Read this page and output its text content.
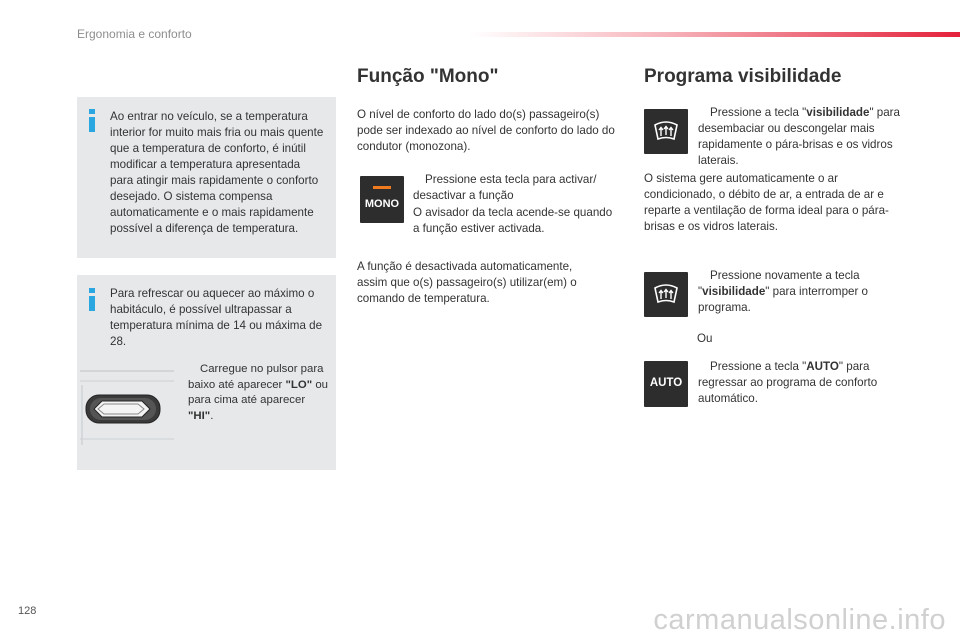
Ergonomia e conforto
Ao entrar no veículo, se a temperatura interior for muito mais fria ou mais quente que a temperatura de conforto, é inútil modificar a temperatura apresentada para atingir mais rapidamente o conforto desejado. O sistema compensa automaticamente e o mais rapidamente possível a diferença de temperatura.
Para refrescar ou aquecer ao máximo o habitáculo, é possível ultrapassar a temperatura mínima de 14 ou máxima de 28.
Carregue no pulsor para baixo até aparecer "LO" ou para cima até aparecer "HI".
Função "Mono"
O nível de conforto do lado do(s) passageiro(s) pode ser indexado ao nível de conforto do lado do condutor (monozona).
MONO
Pressione esta tecla para activar/ desactivar a função
O avisador da tecla acende-se quando a função estiver activada.
A função é desactivada automaticamente, assim que o(s) passageiro(s) utilizar(em) o comando de temperatura.
Programa visibilidade
Pressione a tecla "visibilidade" para desembaciar ou descongelar mais rapidamente o pára-brisas e os vidros laterais.
O sistema gere automaticamente o ar condicionado, o débito de ar, a entrada de ar e reparte a ventilação de forma ideal para o pára-brisas e os vidros laterais.
Pressione novamente a tecla "visibilidade" para interromper o programa.
Ou
AUTO
Pressione a tecla "AUTO" para regressar ao programa de conforto automático.
128	carmanualsonline.info
